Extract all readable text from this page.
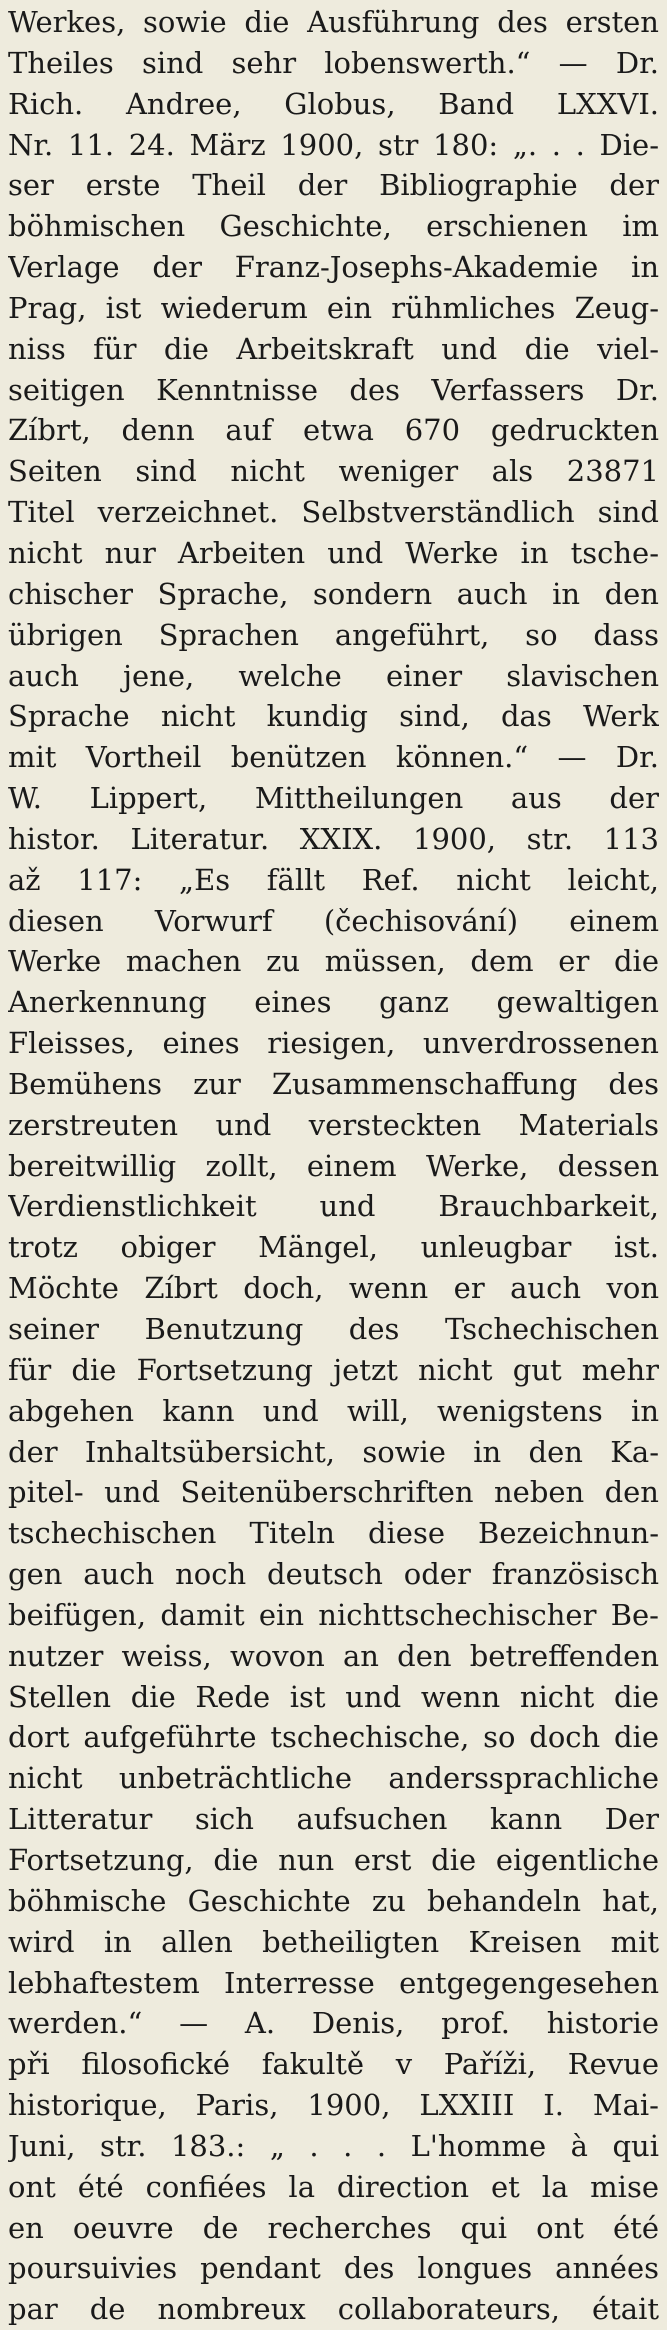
Werkes, sowie die Ausführung des ersten
Theiles sind sehr lobenswerth.“ — Dr.
Rich. Andree, Globus, Band LXXVI.
Nr. 11. 24. März 1900, str 180: „. . . Die-
ser erste Theil der Bibliographie der
böhmischen Geschichte, erschienen im
Verlage der Franz-Josephs-Akademie in
Prag, ist wiederum ein rühmliches Zeug-
niss für die Arbeitskraft und die viel-
seitigen Kenntnisse des Verfassers Dr.
Zíbrt, denn auf etwa 670 gedruckten
Seiten sind nicht weniger als 23871
Titel verzeichnet. Selbstverständlich sind
nicht nur Arbeiten und Werke in tsche-
chischer Sprache, sondern auch in den
übrigen Sprachen angeführt, so dass
auch jene, welche einer slavischen
Sprache nicht kundig sind, das Werk
mit Vortheil benützen können.“ — Dr.
W. Lippert, Mittheilungen aus der
histor. Literatur. XXIX. 1900, str. 113
až 117: „Es fällt Ref. nicht leicht,
diesen Vorwurf (čechisování) einem
Werke machen zu müssen, dem er die
Anerkennung eines ganz gewaltigen
Fleisses, eines riesigen, unverdrossenen
Bemühens zur Zusammenschaffung des
zerstreuten und versteckten Materials
bereitwillig zollt, einem Werke, dessen
Verdienstlichkeit und Brauchbarkeit,
trotz obiger Mängel, unleugbar ist.
Möchte Zíbrt doch, wenn er auch von
seiner Benutzung des Tschechischen
für die Fortsetzung jetzt nicht gut mehr
abgehen kann und will, wenigstens in
der Inhaltsübersicht, sowie in den Ka-
pitel- und Seitenüberschriften neben den
tschechischen Titeln diese Bezeichnun-
gen auch noch deutsch oder französisch
beifügen, damit ein nichttschechischer Be-
nutzer weiss, wovon an den betreffenden
Stellen die Rede ist und wenn nicht die
dort aufgeführte tschechische, so doch die
nicht unbeträchtliche anderssprachliche
Litteratur sich aufsuchen kann Der
Fortsetzung, die nun erst die eigentliche
böhmische Geschichte zu behandeln hat,
wird in allen betheiligten Kreisen mit
lebhaftestem Interresse entgegengesehen
werden.“ — A. Denis, prof. historie
při filosofické fakultě v Paříži, Revue
historique, Paris, 1900, LXXIII I. Mai-
Juni, str. 183.: „ . . . L'homme à qui
ont été confiées la direction et la mise
en oeuvre de recherches qui ont été
poursuivies pendant des longues années
par de nombreux collaborateurs, était
